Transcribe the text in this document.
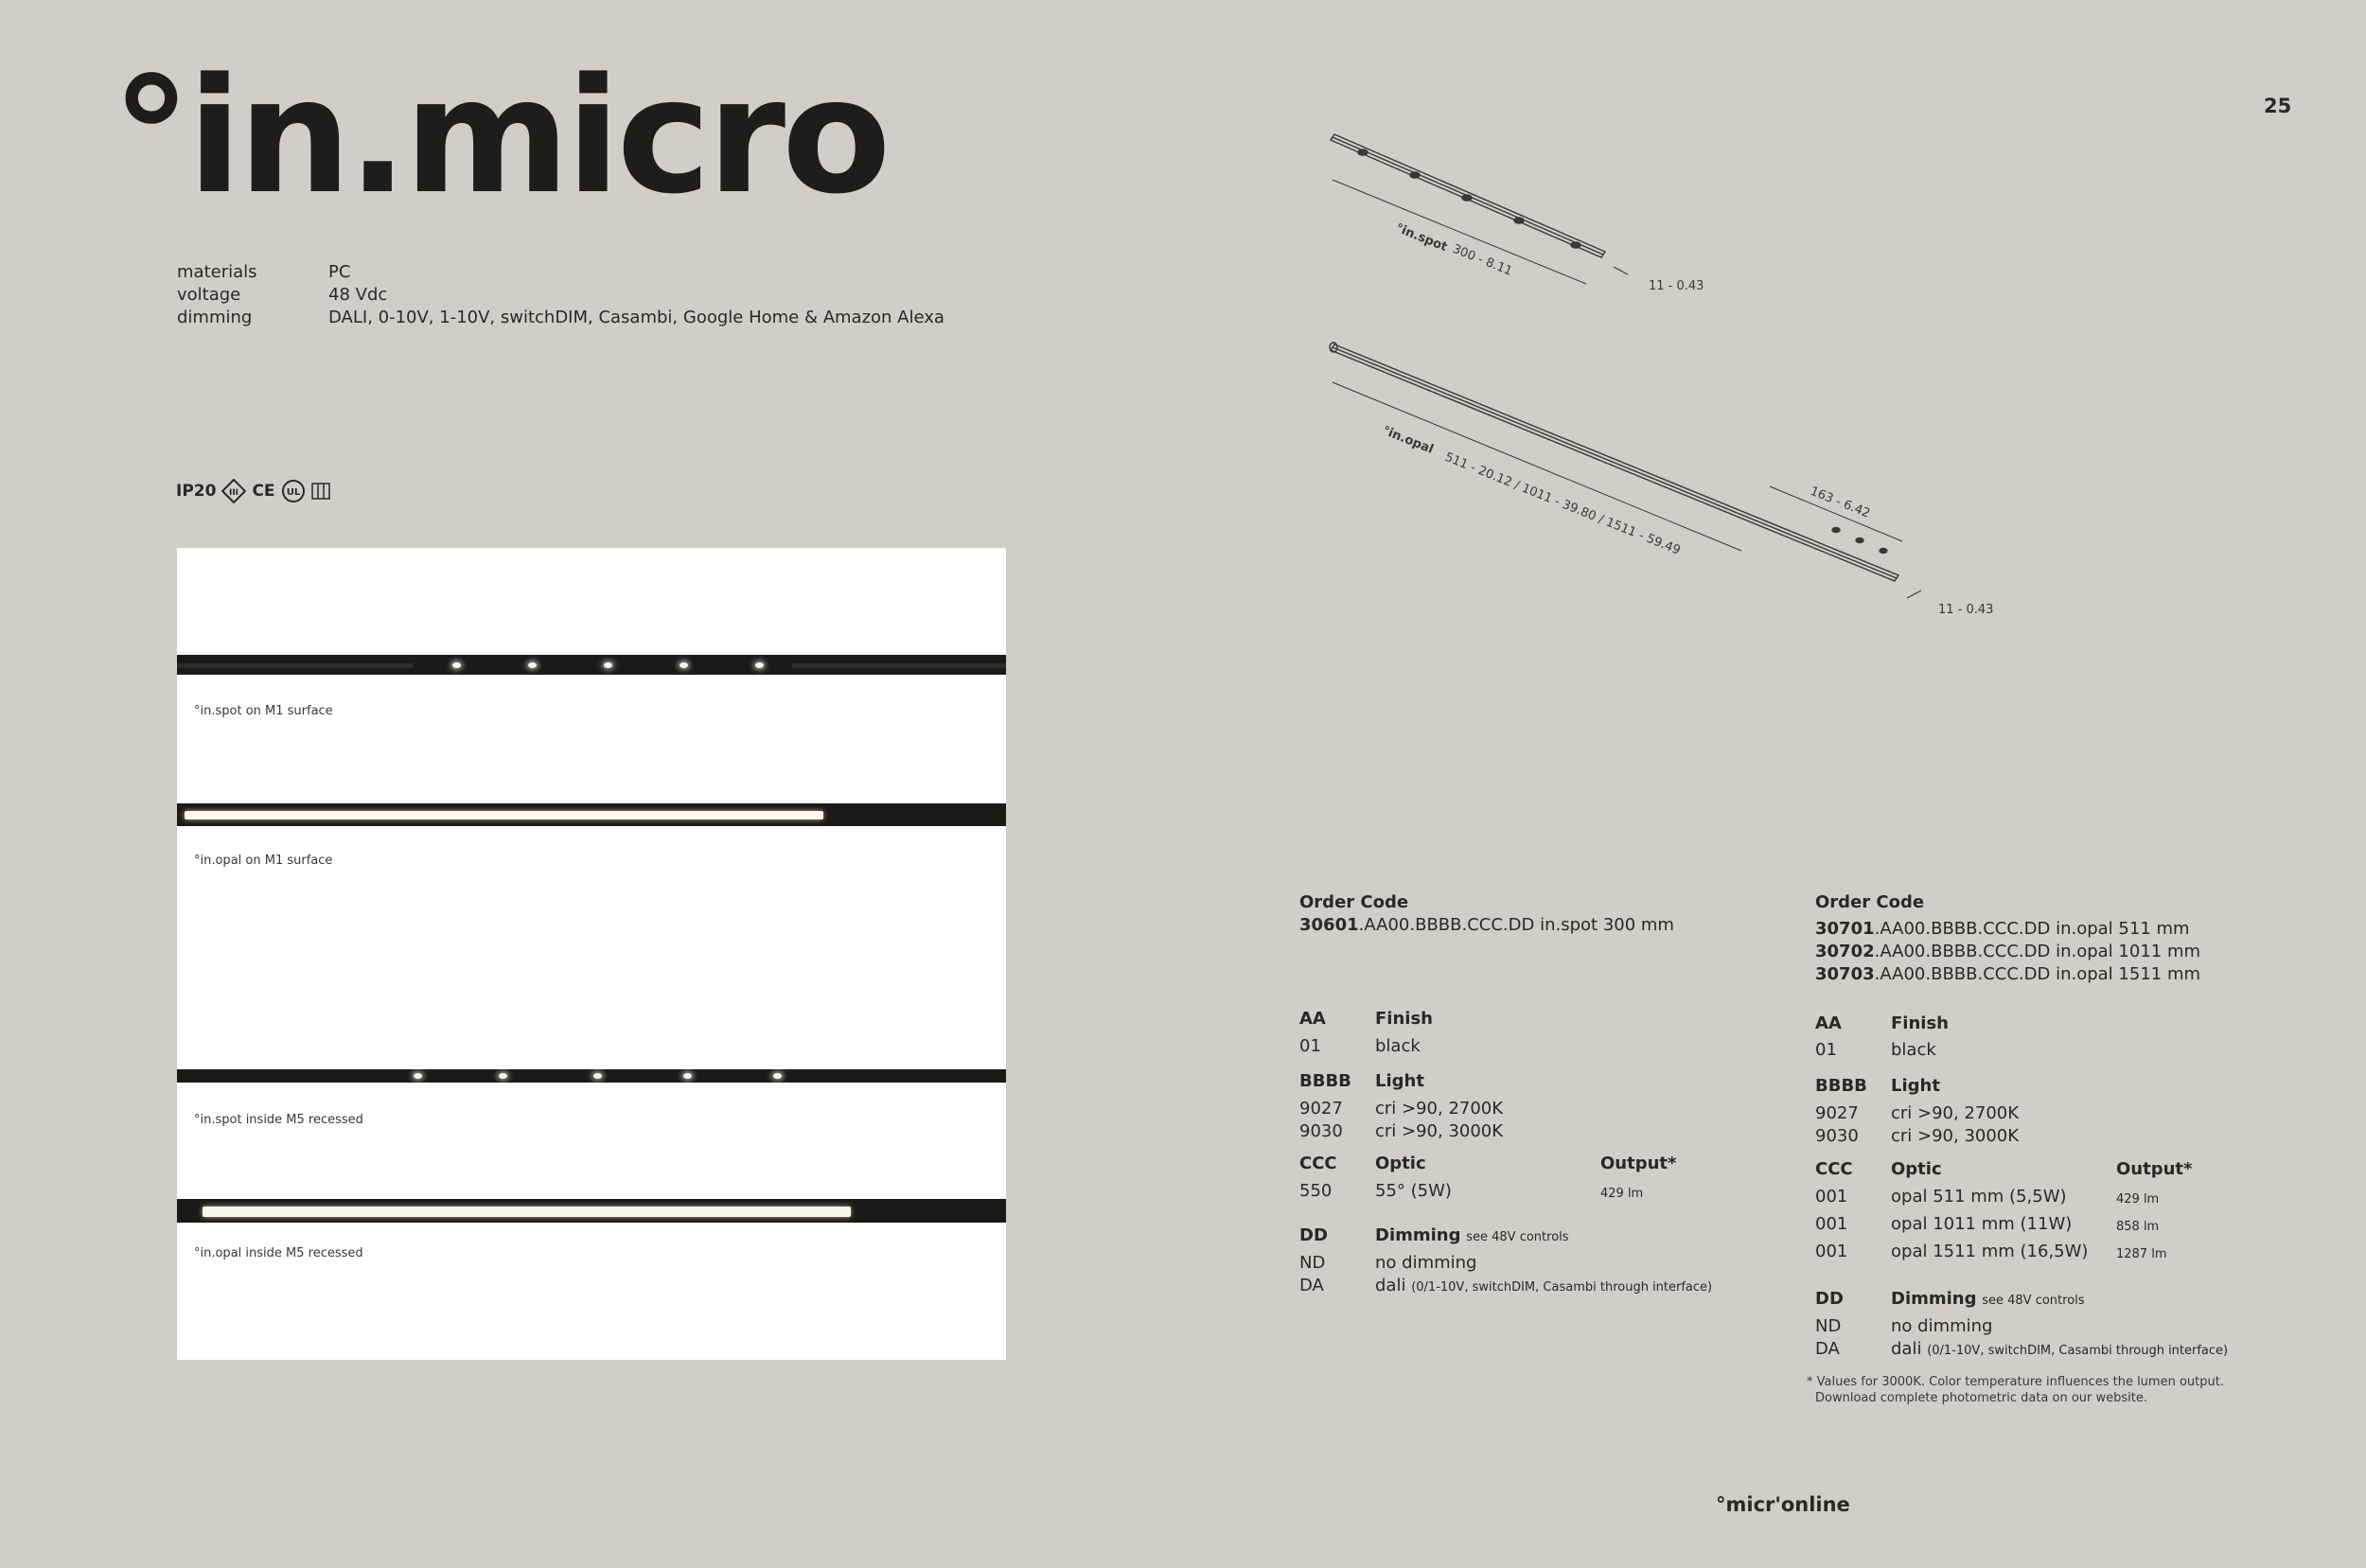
°in.micro	25
materials	PC
voltage	48 Vdc
dimming	DALI, 0-10V, 1-10V, switchDIM, Casambi, Google Home & Amazon Alexa
IP20 III CE UL
°in.spot on M1 surface
°in.opal on M1 surface
°in.spot inside M5 recessed
°in.opal inside M5 recessed
°in.spot
300 - 8.11
11 - 0.43
°in.opal
511 - 20.12 / 1011 - 39.80 / 1511 - 59.49	163 - 6.42
11 - 0.43
Order Code
30601.AA00.BBBB.CCC.DD in.spot 300 mm
AA	Finish
01	black
BBBB Light
9027 cri >90, 2700K
9030 cri >90, 3000K
CCC Optic	Output*
550	55° (5W)	429 lm
DD	Dimming see 48V controls
ND	no dimming
DA	dali (0/1-10V, switchDIM, Casambi through interface)
Order Code
30701.AA00.BBBB.CCC.DD in.opal 511 mm
30702.AA00.BBBB.CCC.DD in.opal 1011 mm
30703.AA00.BBBB.CCC.DD in.opal 1511 mm
AA	Finish
01	black
BBBB Light
9027 cri >90, 2700K
9030 cri >90, 3000K
CCC Optic	Output*
001	opal 511 mm (5,5W)	429 lm
001	opal 1011 mm (11W)	858 lm
001	opal 1511 mm (16,5W) 1287 lm
DD	Dimming see 48V controls
ND	no dimming
DA	dali (0/1-10V, switchDIM, Casambi through interface)
* Values for 3000K. Color temperature influences the lumen output.
Download complete photometric data on our website.
°micr'online
